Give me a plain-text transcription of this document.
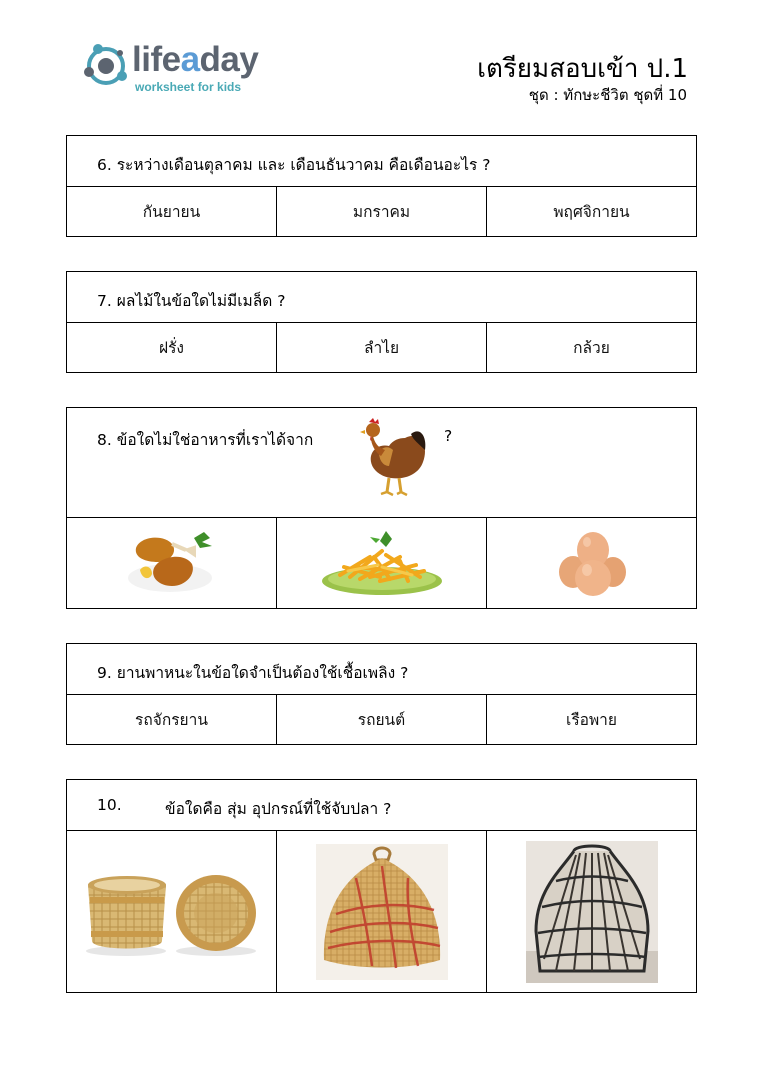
lifeaday
worksheet for kids
เตรียมสอบเข้า ป.1
ชุด : ทักษะชีวิต ชุดที่ 10
6. ระหว่างเดือนตุลาคม และ เดือนธันวาคม คือเดือนอะไร ?
กันยายน	มกราคม	พฤศจิกายน
7. ผลไม้ในข้อใดไม่มีเมล็ด ?
ฝรั่ง	ลำไย	กล้วย
8. ข้อใดไม่ใช่อาหารที่เราได้จาก	?
9. ยานพาหนะในข้อใดจำเป็นต้องใช้เชื้อเพลิง ?
รถจักรยาน	รถยนต์	เรือพาย
10.	ข้อใดคือ สุ่ม อุปกรณ์ที่ใช้จับปลา ?
